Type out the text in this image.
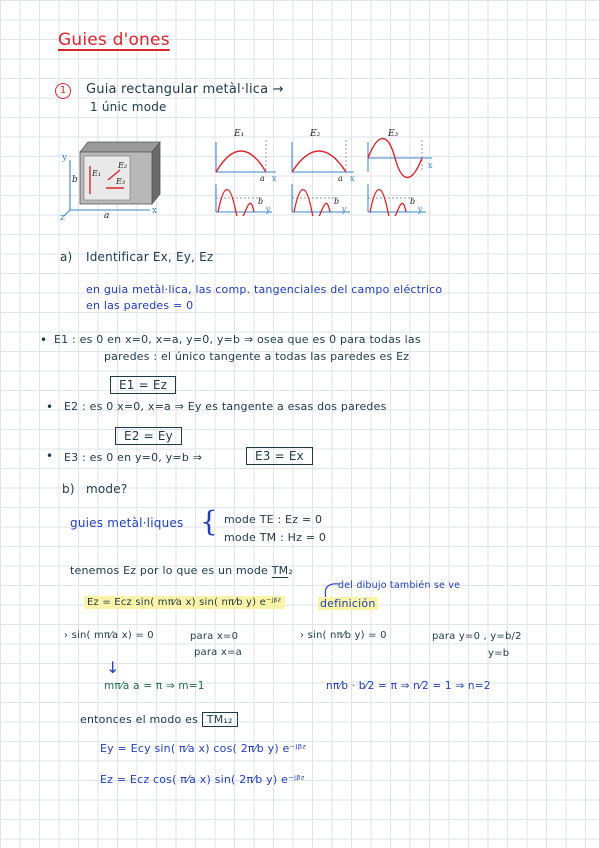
Guies d'ones
1	Guia rectangular metàl·lica →
1 únic mode
y
x
z	a
b
E₁
E₂
E₃
E₁
a x
b
y
E₂
a x
b
y
E₃
x
b
y
a) Identificar Ex, Ey, Ez
en guia metàl·lica, las comp. tangenciales del campo eléctrico
en las paredes = 0
• E1 : es 0 en x=0, x=a, y=0, y=b ⇒ osea que es 0 para todas las
paredes : el único tangente a todas las paredes es Ez
E1 = Ez
• E2 : es 0 x=0, x=a ⇒ Ey es tangente a esas dos paredes
E2 = Ey
• E3 : es 0 en y=0, y=b ⇒	E3 = Ex
b) mode?
guies metàl·liques { mode TE : Ez = 0
mode TM : Hz = 0
tenemos Ez por lo que es un mode TM₂
del dibujo también se ve
Ez = Ecz sin( mπ⁄a x) sin( nπ⁄b y) e⁻ʲᵝᶻ	definición
› sin( mπ⁄a x) = 0	para x=0
para x=a
› sin( nπ⁄b y) = 0	para y=0 , y=b/2
y=b
↓
mπ⁄a a = π ⇒ m=1	nπ⁄b · b⁄2 = π ⇒ n⁄2 = 1 ⇒ n=2
entonces el modo es TM₁₂
Ey = Ecy sin( π⁄a x) cos( 2π⁄b y) e⁻ʲᵝᶻ
Ez = Ecz cos( π⁄a x) sin( 2π⁄b y) e⁻ʲᵝᶻ
